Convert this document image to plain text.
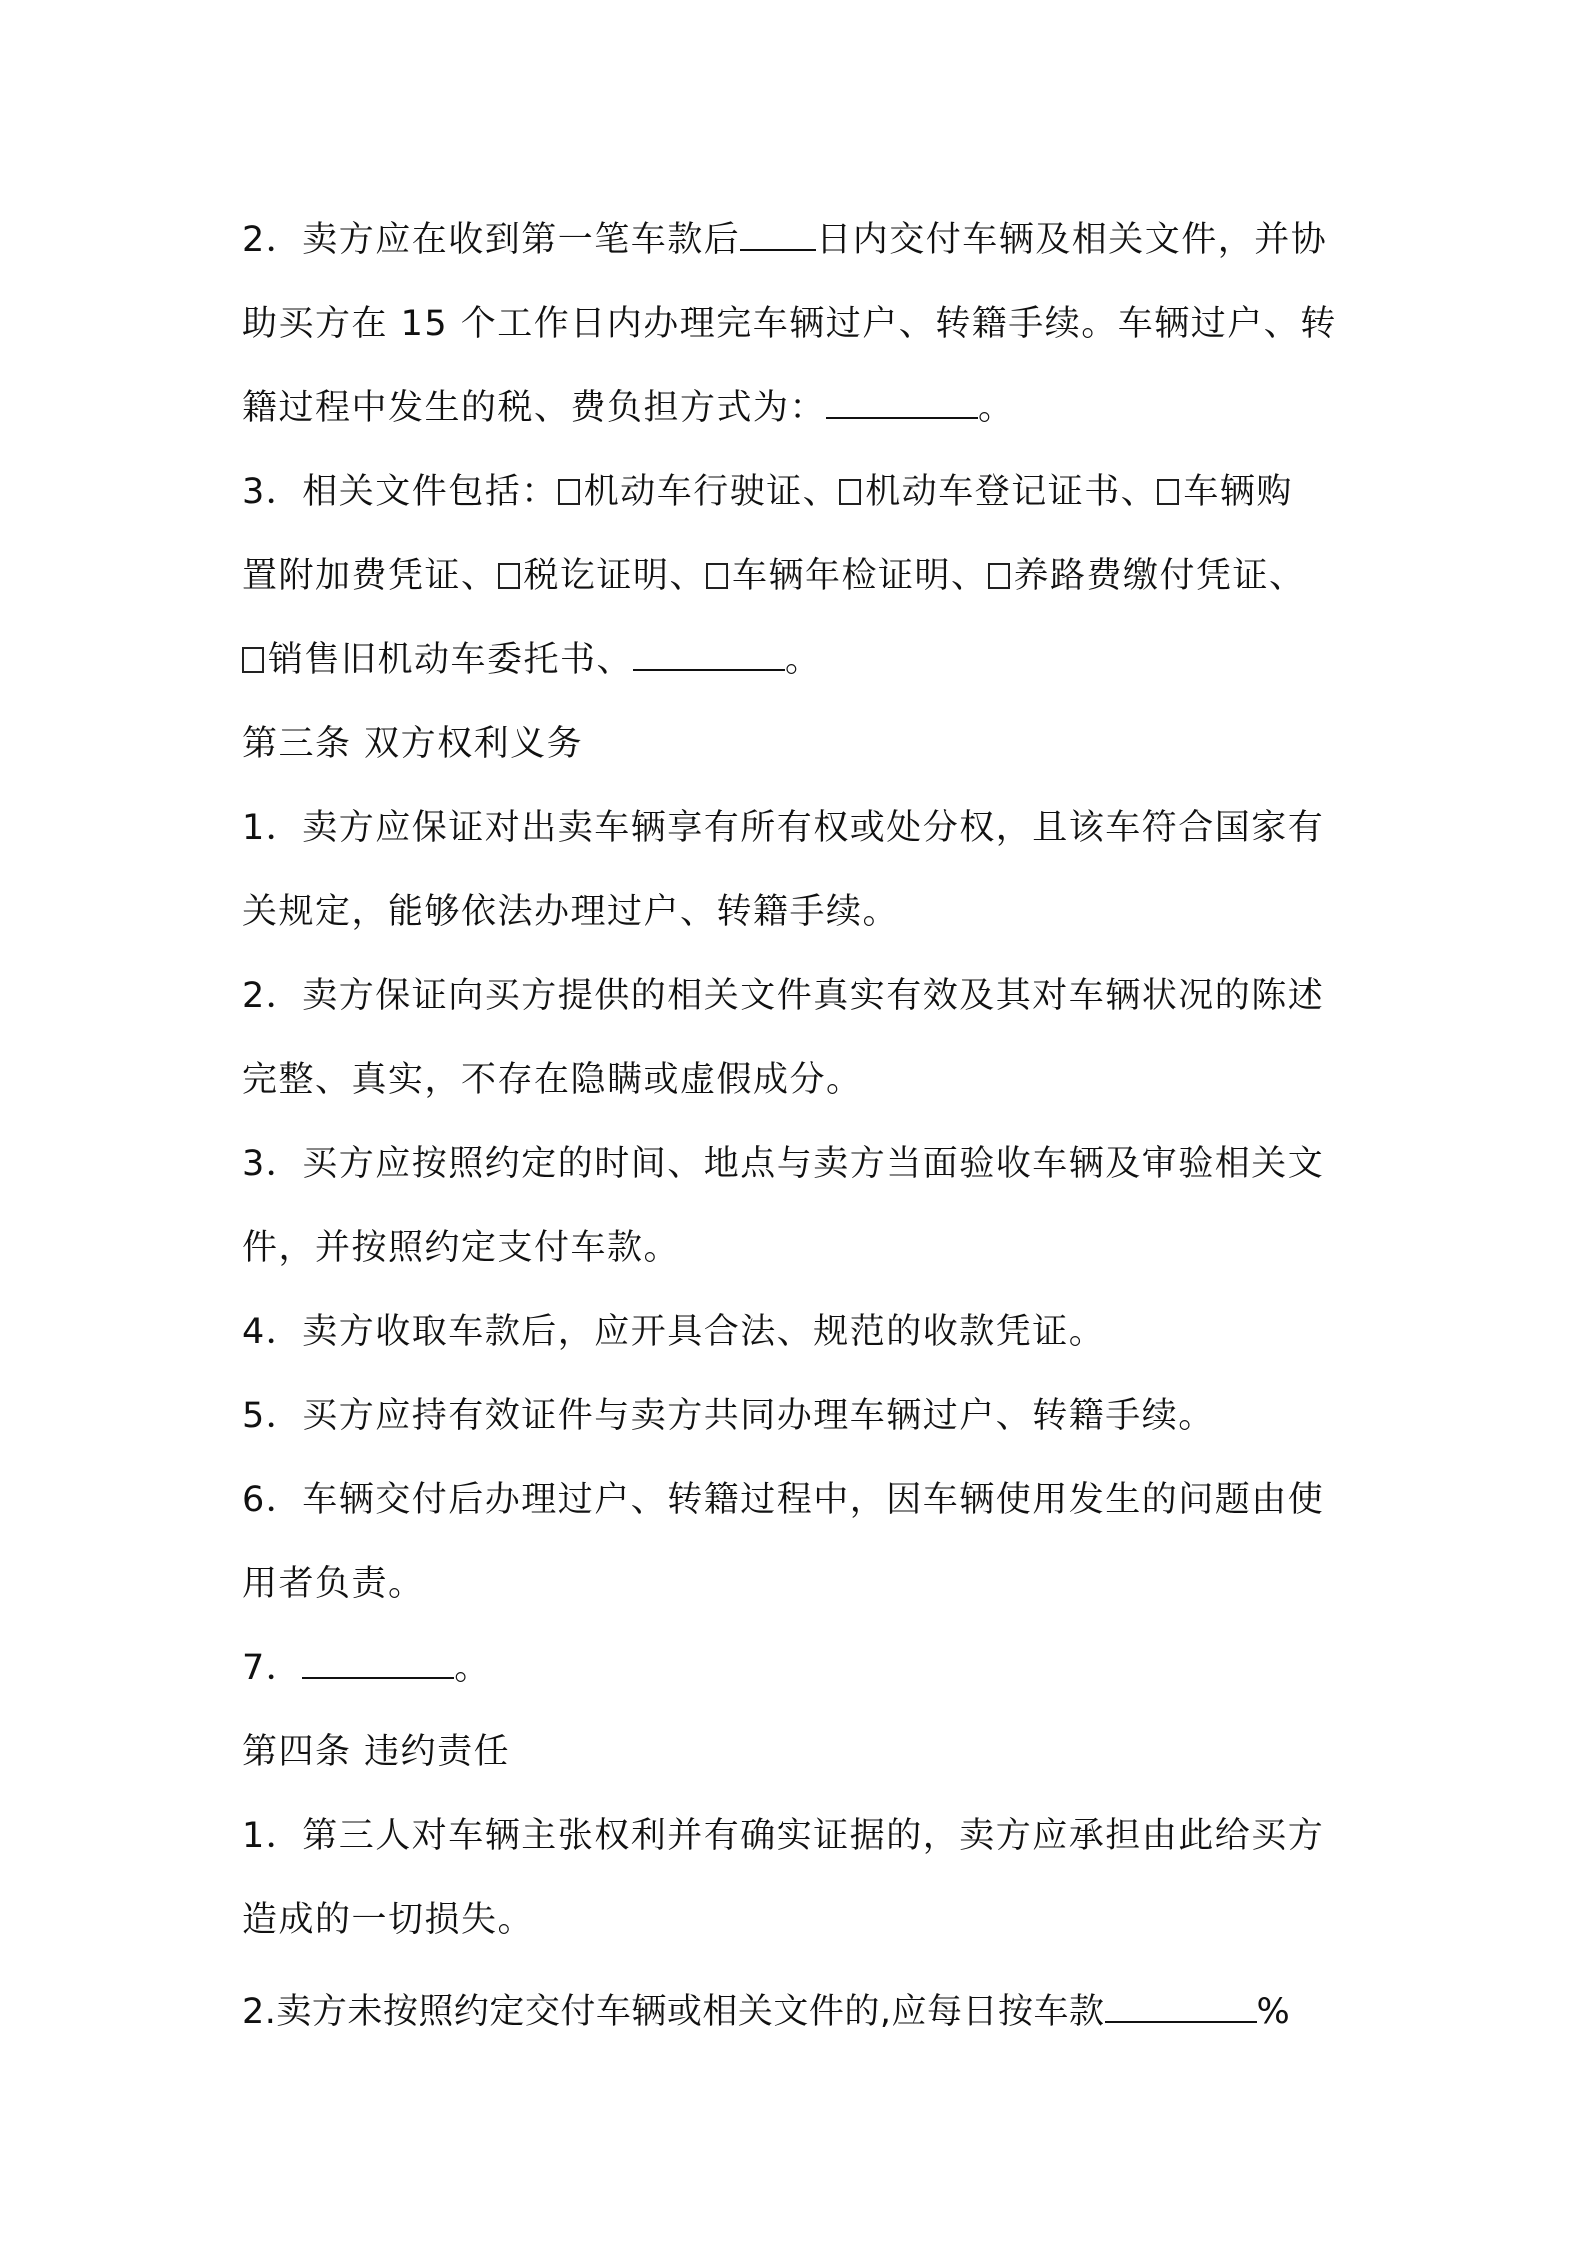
2．卖方应在收到第一笔车款后 日内交付车辆及相关文件，并协
助买方在 15 个工作日内办理完车辆过户、转籍手续。车辆过户、转
籍过程中发生的税、费负担方式为：	。
3．相关文件包括： 机动车行驶证、 机动车登记证书、 车辆购
置附加费凭证、 税讫证明、 车辆年检证明、 养路费缴付凭证、
销售旧机动车委托书、	。
第三条 双方权利义务
1．卖方应保证对出卖车辆享有所有权或处分权，且该车符合国家有
关规定，能够依法办理过户、转籍手续。
2．卖方保证向买方提供的相关文件真实有效及其对车辆状况的陈述
完整、真实，不存在隐瞒或虚假成分。
3．买方应按照约定的时间、地点与卖方当面验收车辆及审验相关文
件，并按照约定支付车款。
4．卖方收取车款后，应开具合法、规范的收款凭证。
5．买方应持有效证件与卖方共同办理车辆过户、转籍手续。
6．车辆交付后办理过户、转籍过程中，因车辆使用发生的问题由使
用者负责。
7．	。
第四条 违约责任
1．第三人对车辆主张权利并有确实证据的，卖方应承担由此给买方
造成的一切损失。
2.卖方未按照约定交付车辆或相关文件的,应每日按车款	%
